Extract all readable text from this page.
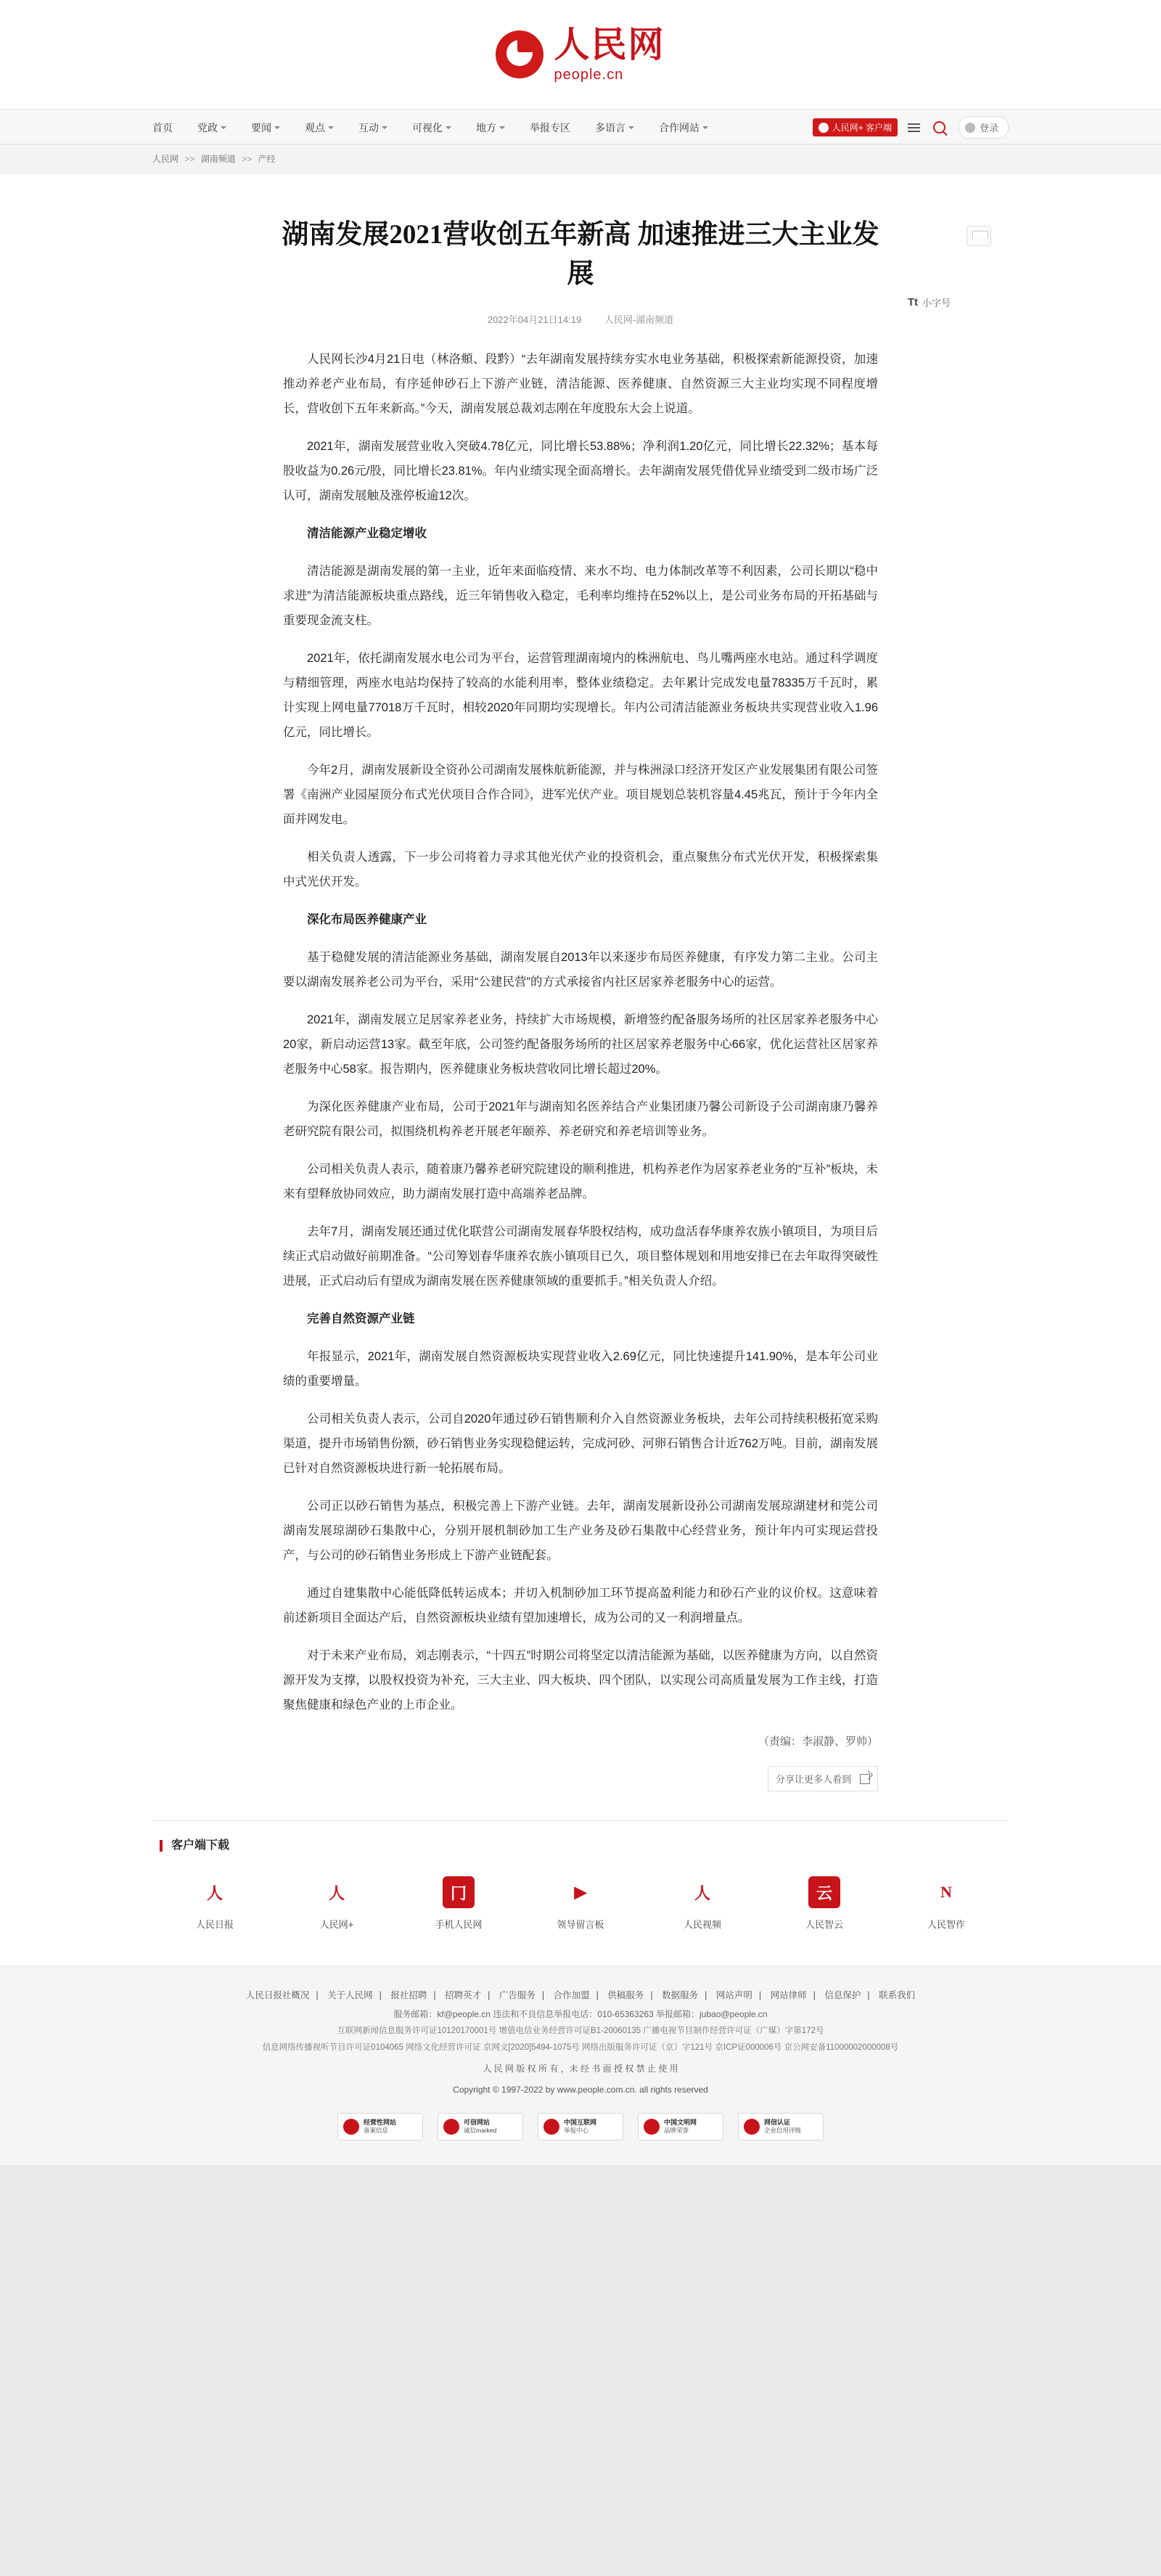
人民网
people.cn
首页 党政	要闻	观点	互动	可视化	地方	举报专区 多语言	合作网站	人民网+ 客户端	登录
人民网 >> 湖南频道 >> 产经
湖南发展2021营收创五年新高 加速推进三大主业发展
2022年04月21日14:19 人民网-湖南频道
Tt 小字号

人民网长沙4月21日电（林洛頫、段黔）“去年湖南发展持续夯实水电业务基础，积极探索新能源投资，加速推动养老产业布局，有序延伸砂石上下游产业链，清洁能源、医养健康、自然资源三大主业均实现不同程度增长，营收创下五年来新高。”今天，湖南发展总裁刘志刚在年度股东大会上说道。

2021年，湖南发展营业收入突破4.78亿元，同比增长53.88%；净利润1.20亿元，同比增长22.32%；基本每股收益为0.26元/股，同比增长23.81%。年内业绩实现全面高增长。去年湖南发展凭借优异业绩受到二级市场广泛认可，湖南发展触及涨停板逾12次。

清洁能源产业稳定增收

清洁能源是湖南发展的第一主业，近年来面临疫情、来水不均、电力体制改革等不利因素，公司长期以“稳中求进”为清洁能源板块重点路线，近三年销售收入稳定，毛利率均维持在52%以上，是公司业务布局的开拓基础与重要现金流支柱。

2021年，依托湖南发展水电公司为平台，运营管理湖南境内的株洲航电、鸟儿嘴两座水电站。通过科学调度与精细管理，两座水电站均保持了较高的水能利用率，整体业绩稳定。去年累计完成发电量78335万千瓦时，累计实现上网电量77018万千瓦时，相较2020年同期均实现增长。年内公司清洁能源业务板块共实现营业收入1.96亿元，同比增长。

今年2月，湖南发展新设全资孙公司湖南发展株航新能源，并与株洲渌口经济开发区产业发展集团有限公司签署《南洲产业园屋顶分布式光伏项目合作合同》，进军光伏产业。项目规划总装机容量4.45兆瓦，预计于今年内全面并网发电。

相关负责人透露，下一步公司将着力寻求其他光伏产业的投资机会，重点聚焦分布式光伏开发，积极探索集中式光伏开发。

深化布局医养健康产业

基于稳健发展的清洁能源业务基础，湖南发展自2013年以来逐步布局医养健康，有序发力第二主业。公司主要以湖南发展养老公司为平台，采用“公建民营”的方式承接省内社区居家养老服务中心的运营。

2021年，湖南发展立足居家养老业务，持续扩大市场规模，新增签约配备服务场所的社区居家养老服务中心20家，新启动运营13家。截至年底，公司签约配备服务场所的社区居家养老服务中心66家，优化运营社区居家养老服务中心58家。报告期内，医养健康业务板块营收同比增长超过20%。

为深化医养健康产业布局，公司于2021年与湖南知名医养结合产业集团康乃馨公司新设子公司湖南康乃馨养老研究院有限公司，拟围绕机构养老开展老年颐养、养老研究和养老培训等业务。

公司相关负责人表示，随着康乃馨养老研究院建设的顺利推进，机构养老作为居家养老业务的“互补”板块，未来有望释放协同效应，助力湖南发展打造中高端养老品牌。

去年7月，湖南发展还通过优化联营公司湖南发展春华股权结构，成功盘活春华康养农族小镇项目，为项目后续正式启动做好前期准备。“公司筹划春华康养农族小镇项目已久，项目整体规划和用地安排已在去年取得突破性进展，正式启动后有望成为湖南发展在医养健康领域的重要抓手。”相关负责人介绍。

完善自然资源产业链

年报显示，2021年，湖南发展自然资源板块实现营业收入2.69亿元，同比快速提升141.90%，是本年公司业绩的重要增量。

公司相关负责人表示，公司自2020年通过砂石销售顺利介入自然资源业务板块，去年公司持续积极拓宽采购渠道，提升市场销售份额，砂石销售业务实现稳健运转，完成河砂、河卵石销售合计近762万吨。目前，湖南发展已针对自然资源板块进行新一轮拓展布局。

公司正以砂石销售为基点，积极完善上下游产业链。去年，湖南发展新设孙公司湖南发展琼湖建材和莞公司湖南发展琼湖砂石集散中心，分别开展机制砂加工生产业务及砂石集散中心经营业务，预计年内可实现运营投产，与公司的砂石销售业务形成上下游产业链配套。

通过自建集散中心能低降低转运成本；并切入机制砂加工环节提高盈利能力和砂石产业的议价权。这意味着前述新项目全面达产后，自然资源板块业绩有望加速增长，成为公司的又一利润增量点。

对于未来产业布局，刘志刚表示，“十四五”时期公司将坚定以清洁能源为基础，以医养健康为方向，以自然资源开发为支撑，以股权投资为补充，三大主业、四大板块、四个团队，以实现公司高质量发展为工作主线，打造聚焦健康和绿色产业的上市企业。

（责编：李淑静、罗帅）

分享让更多人看到
客户端下载
人
人民日报
人
人民网+
冂
手机人民网
▶
领导留言板
人
人民视频
云
人民智云
N
人民智作
人民日报社概况 | 关于人民网 | 报社招聘 | 招聘英才 | 广告服务 | 合作加盟 | 供稿服务 | 数据服务 | 网站声明 | 网站律师 | 信息保护 | 联系我们
服务邮箱：kf@people.cn 违法和不良信息举报电话：010-65363263 举报邮箱：jubao@people.cn
互联网新闻信息服务许可证10120170001号 增值电信业务经营许可证B1-20060135 广播电视节目制作经营许可证（广媒）字第172号
信息网络传播视听节目许可证0104065 网络文化经营许可证 京网文[2020]5494-1075号 网络出版服务许可证（京）字121号 京ICP证000006号 京公网安备11000002000008号
人 民 网 版 权 所 有 ，未 经 书 面 授 权 禁 止 使 用
Copyright © 1997-2022 by www.people.com.cn. all rights reserved
经营性网站
备案信息
可信网站
诚信marked
中国互联网
举报中心
中国文明网
品牌荣誉
网信认证
企业信用评级
